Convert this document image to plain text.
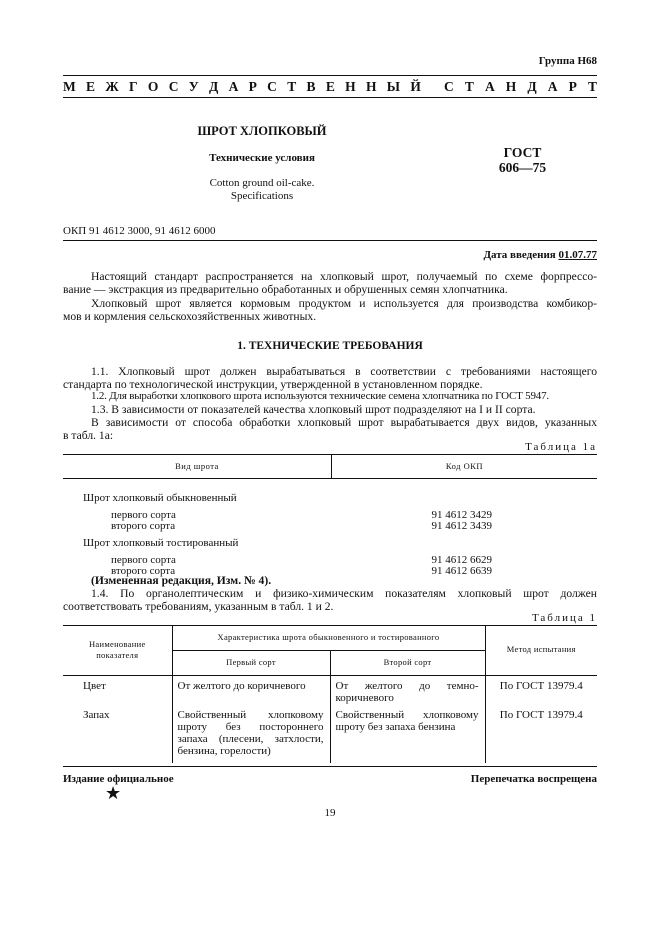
Группа Н68
М Е Ж Г О С У Д А Р С Т В Е Н Н Ы Й С Т А Н Д А Р Т
ШРОТ ХЛОПКОВЫЙ
Технические условия
Cotton ground oil-cake.
Specifications
ГОСТ
606—75
ОКП 91 4612 3000, 91 4612 6000
Дата введения 01.07.77
Настоящий стандарт распространяется на хлопковый шрот, получаемый по схеме форпрессо-
вание — экстракция из предварительно обработанных и обрушенных семян хлопчатника.
Хлопковый шрот является кормовым продуктом и используется для производства комбикор-
мов и кормления сельскохозяйственных животных.
1. ТЕХНИЧЕСКИЕ ТРЕБОВАНИЯ
1.1. Хлопковый шрот должен вырабатываться в соответствии с требованиями настоящего
стандарта по технологической инструкции, утвержденной в установленном порядке.
1.2. Для выработки хлопкового шрота используются технические семена хлопчатника по ГОСТ 5947.
1.3. В зависимости от показателей качества хлопковый шрот подразделяют на I и II сорта.
В зависимости от способа обработки хлопковый шрот вырабатывается двух видов, указанных
в табл. 1а:
Таблица 1а
Вид шрота	Код ОКП

Шрот хлопковый обыкновенный	

первого сорта	91 4612 3429
второго сорта	91 4612 3439

Шрот хлопковый тостированный	

первого сорта	91 4612 6629
второго сорта	91 4612 6639
(Измененная редакция, Изм. № 4).
1.4. По органолептическим и физико-химическим показателям хлопковый шрот должен
соответствовать требованиям, указанным в табл. 1 и 2.
Таблица 1
Наименование
показателя	Характеристика шрота обыкновенного и тостированного		Метод испытания
	Первый сорт	Второй сорт	
Цвет	От желтого до коричневого	От желтого до темно-коричневого	По ГОСТ 13979.4
Запах	Свойственный хлопковому шроту без постороннего запаха (плесени, затхлости, бензина, горелости)	Свойственный хлопковому шроту без запаха бензина	По ГОСТ 13979.4
Издание официальное
★
Перепечатка воспрещена
19
